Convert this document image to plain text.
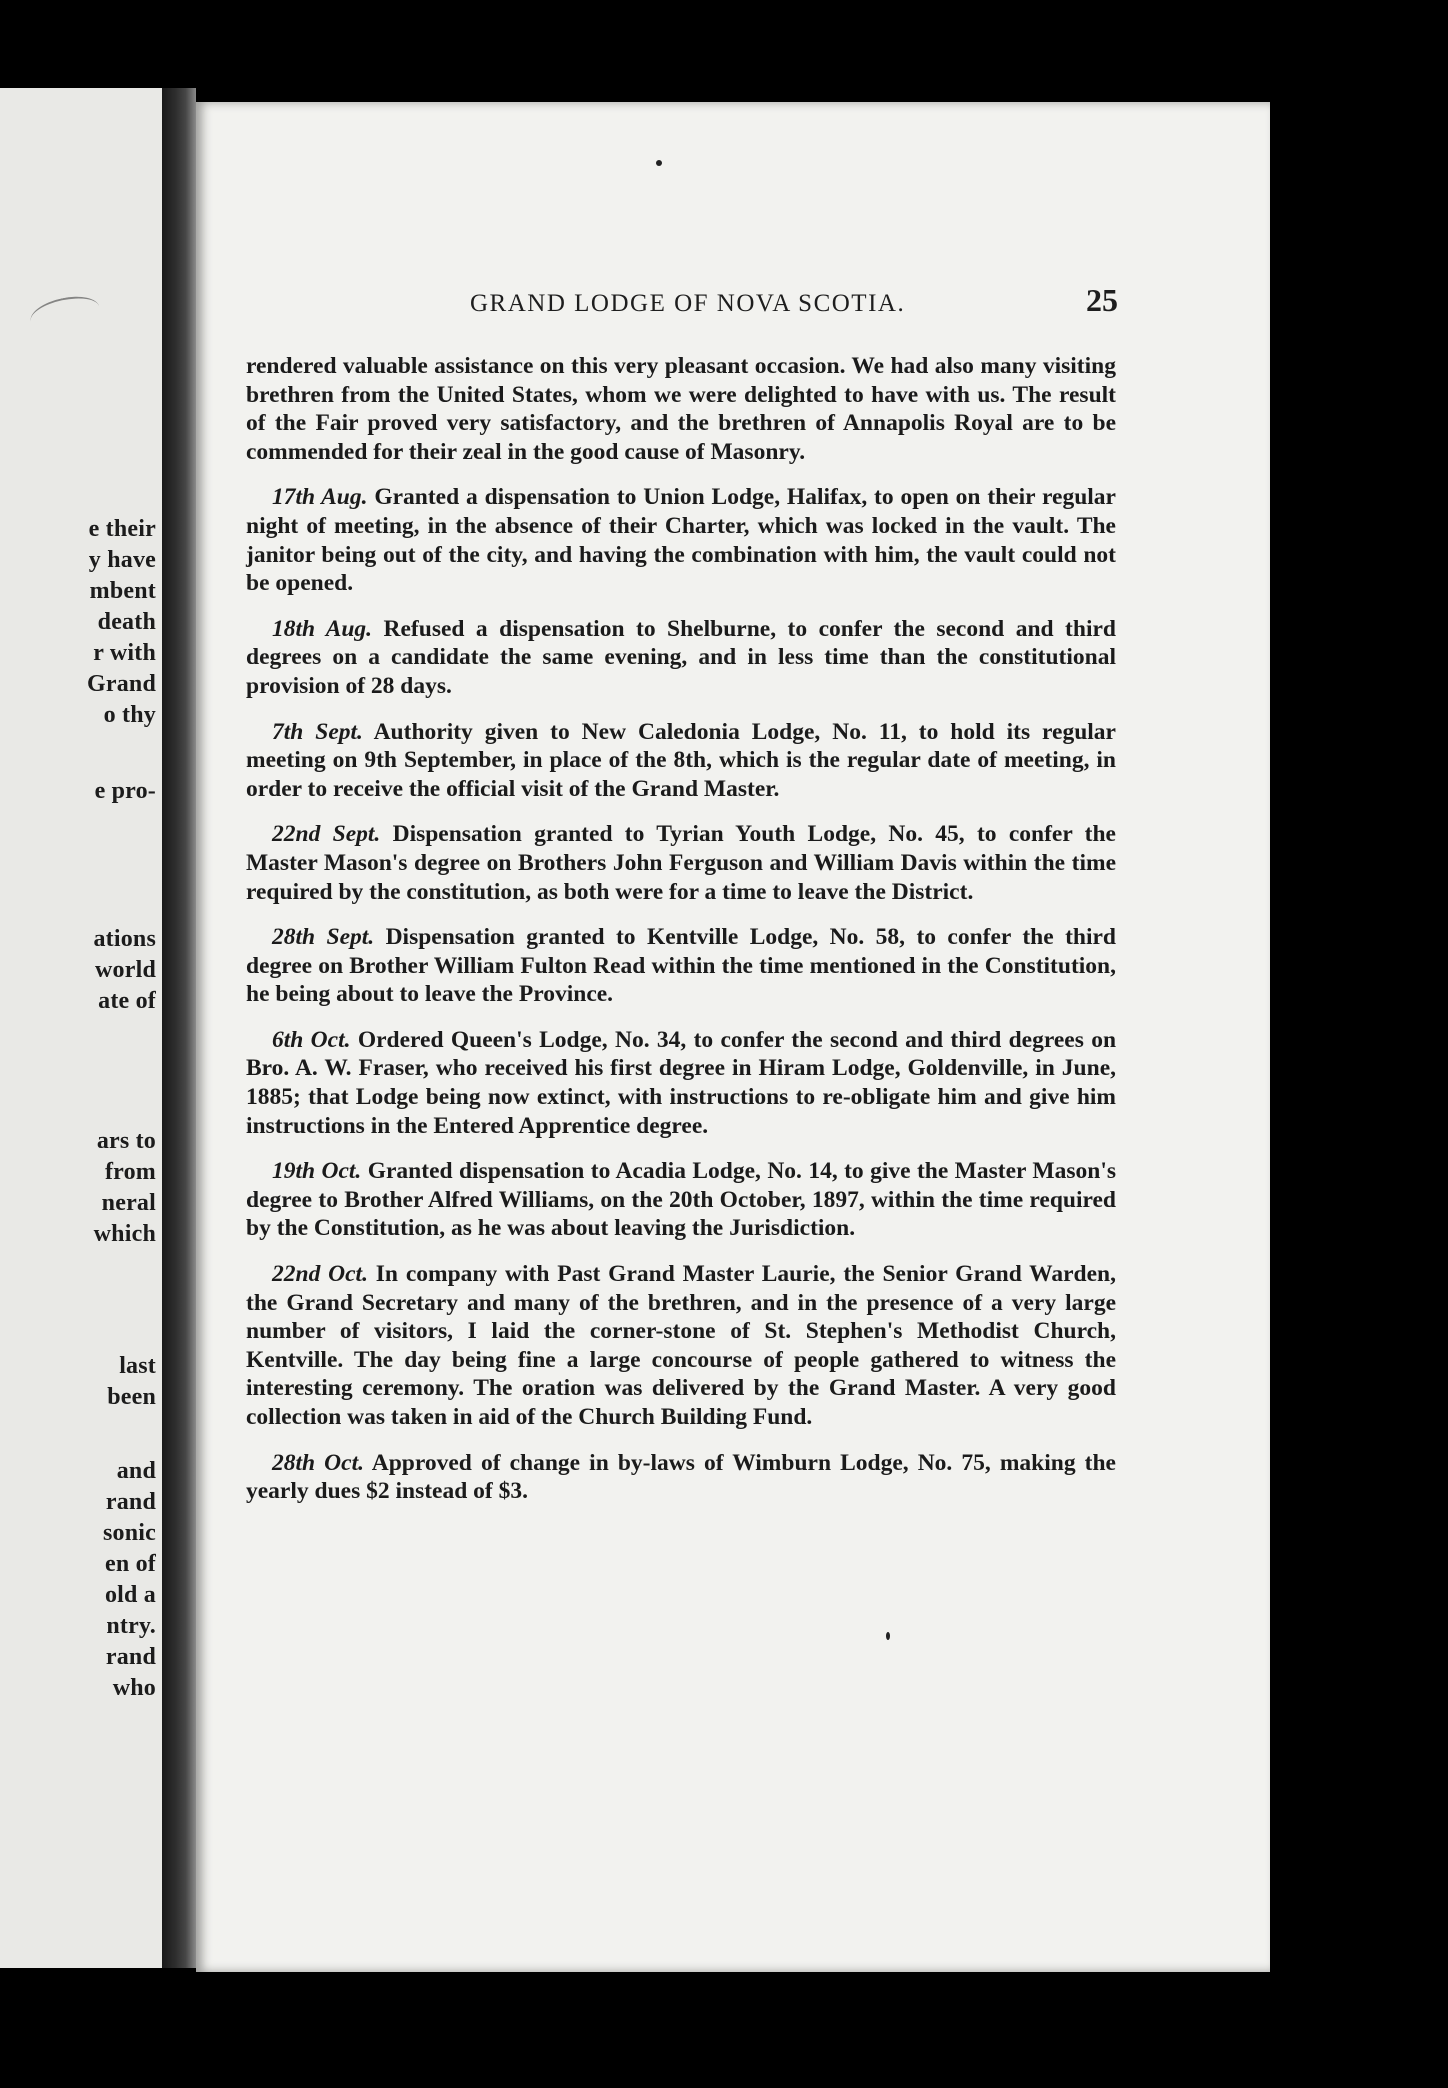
e their
y have
mbent
death
r with
Grand
o thy
e pro-
ations
world
ate of
ars to
from
neral
which
last
been
and
rand
sonic
en of
old a
ntry.
rand
who
GRAND LODGE OF NOVA SCOTIA.	25

rendered valuable assistance on this very pleasant occasion. We had also many visiting brethren from the United States, whom we were delighted to have with us. The result of the Fair proved very satisfactory, and the brethren of Annapolis Royal are to be commended for their zeal in the good cause of Masonry.

17th Aug. Granted a dispensation to Union Lodge, Halifax, to open on their regular night of meeting, in the absence of their Charter, which was locked in the vault. The janitor being out of the city, and having the combination with him, the vault could not be opened.

18th Aug. Refused a dispensation to Shelburne, to confer the second and third degrees on a candidate the same evening, and in less time than the constitutional provision of 28 days.

7th Sept. Authority given to New Caledonia Lodge, No. 11, to hold its regular meeting on 9th September, in place of the 8th, which is the regular date of meeting, in order to receive the official visit of the Grand Master.

22nd Sept. Dispensation granted to Tyrian Youth Lodge, No. 45, to confer the Master Mason's degree on Brothers John Ferguson and William Davis within the time required by the constitution, as both were for a time to leave the District.

28th Sept. Dispensation granted to Kentville Lodge, No. 58, to confer the third degree on Brother William Fulton Read within the time mentioned in the Constitution, he being about to leave the Province.

6th Oct. Ordered Queen's Lodge, No. 34, to confer the second and third degrees on Bro. A. W. Fraser, who received his first degree in Hiram Lodge, Goldenville, in June, 1885; that Lodge being now extinct, with instructions to re-obligate him and give him instructions in the Entered Apprentice degree.

19th Oct. Granted dispensation to Acadia Lodge, No. 14, to give the Master Mason's degree to Brother Alfred Williams, on the 20th October, 1897, within the time required by the Constitution, as he was about leaving the Jurisdiction.

22nd Oct. In company with Past Grand Master Laurie, the Senior Grand Warden, the Grand Secretary and many of the brethren, and in the presence of a very large number of visitors, I laid the corner-stone of St. Stephen's Methodist Church, Kentville. The day being fine a large concourse of people gathered to witness the interesting ceremony. The oration was delivered by the Grand Master. A very good collection was taken in aid of the Church Building Fund.

28th Oct. Approved of change in by-laws of Wimburn Lodge, No. 75, making the yearly dues $2 instead of $3.
